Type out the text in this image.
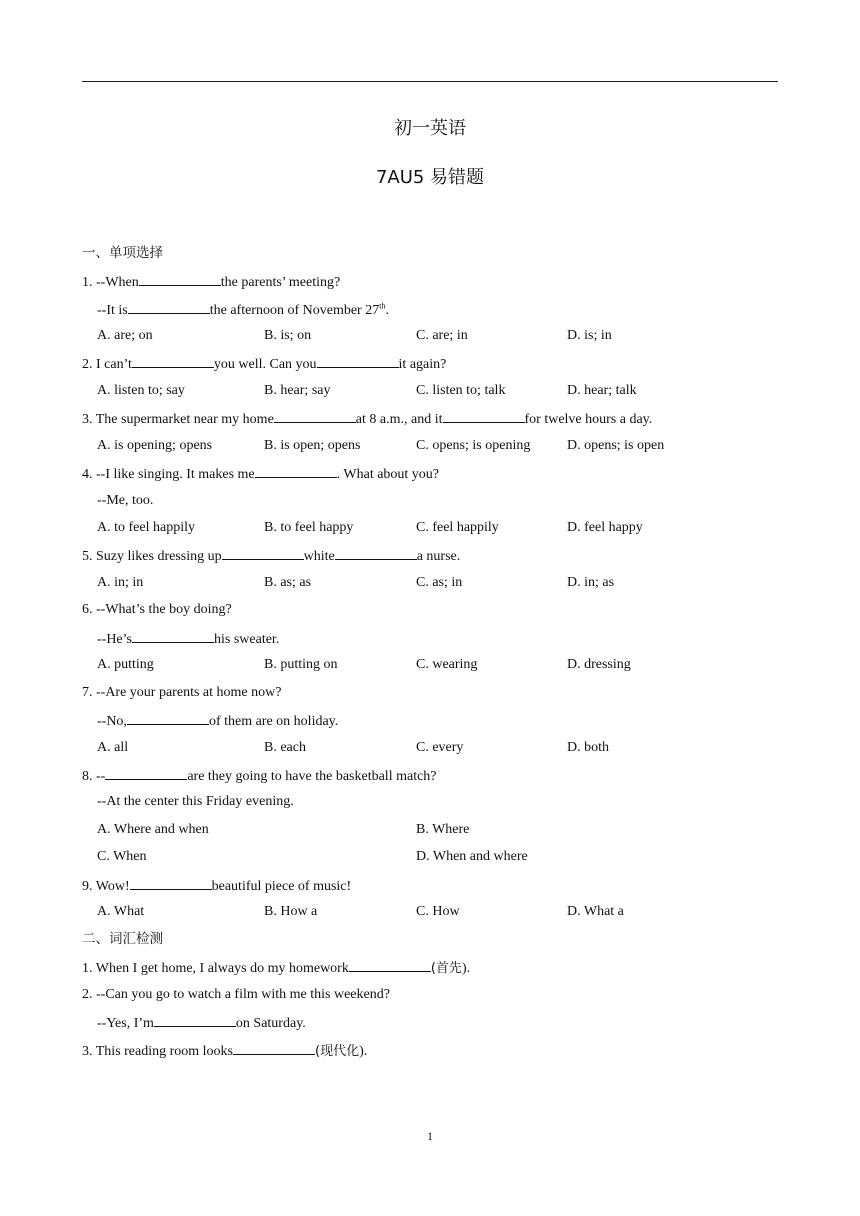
初一英语
7AU5 易错题
一、单项选择
1. --When	the parents’ meeting?
--It is	the afternoon of November 27th.
A. are; on	B. is; on	C. are; in	D. is; in
2. I can’t	you well. Can you	it again?
A. listen to; say	B. hear; say	C. listen to; talk	D. hear; talk
3. The supermarket near my home	at 8 a.m., and it	for twelve hours a day.
A. is opening; opens	B. is open; opens	C. opens; is opening	D. opens; is open
4. --I like singing. It makes me	. What about you?
--Me, too.
A. to feel happily	B. to feel happy	C. feel happily	D. feel happy
5. Suzy likes dressing up	white	a nurse.
A. in; in	B. as; as	C. as; in	D. in; as
6. --What’s the boy doing?
--He’s	his sweater.
A. putting	B. putting on	C. wearing	D. dressing
7. --Are your parents at home now?
--No,	of them are on holiday.
A. all	B. each	C. every	D. both
8. --	are they going to have the basketball match?
--At the center this Friday evening.
A. Where and when	B. Where
C. When	D. When and where
9. Wow!	beautiful piece of music!
A. What	B. How a	C. How	D. What a
二、词汇检测
1. When I get home, I always do my homework	(首先).
2. --Can you go to watch a film with me this weekend?
--Yes, I’m	on Saturday.
3. This reading room looks	(现代化).
1
